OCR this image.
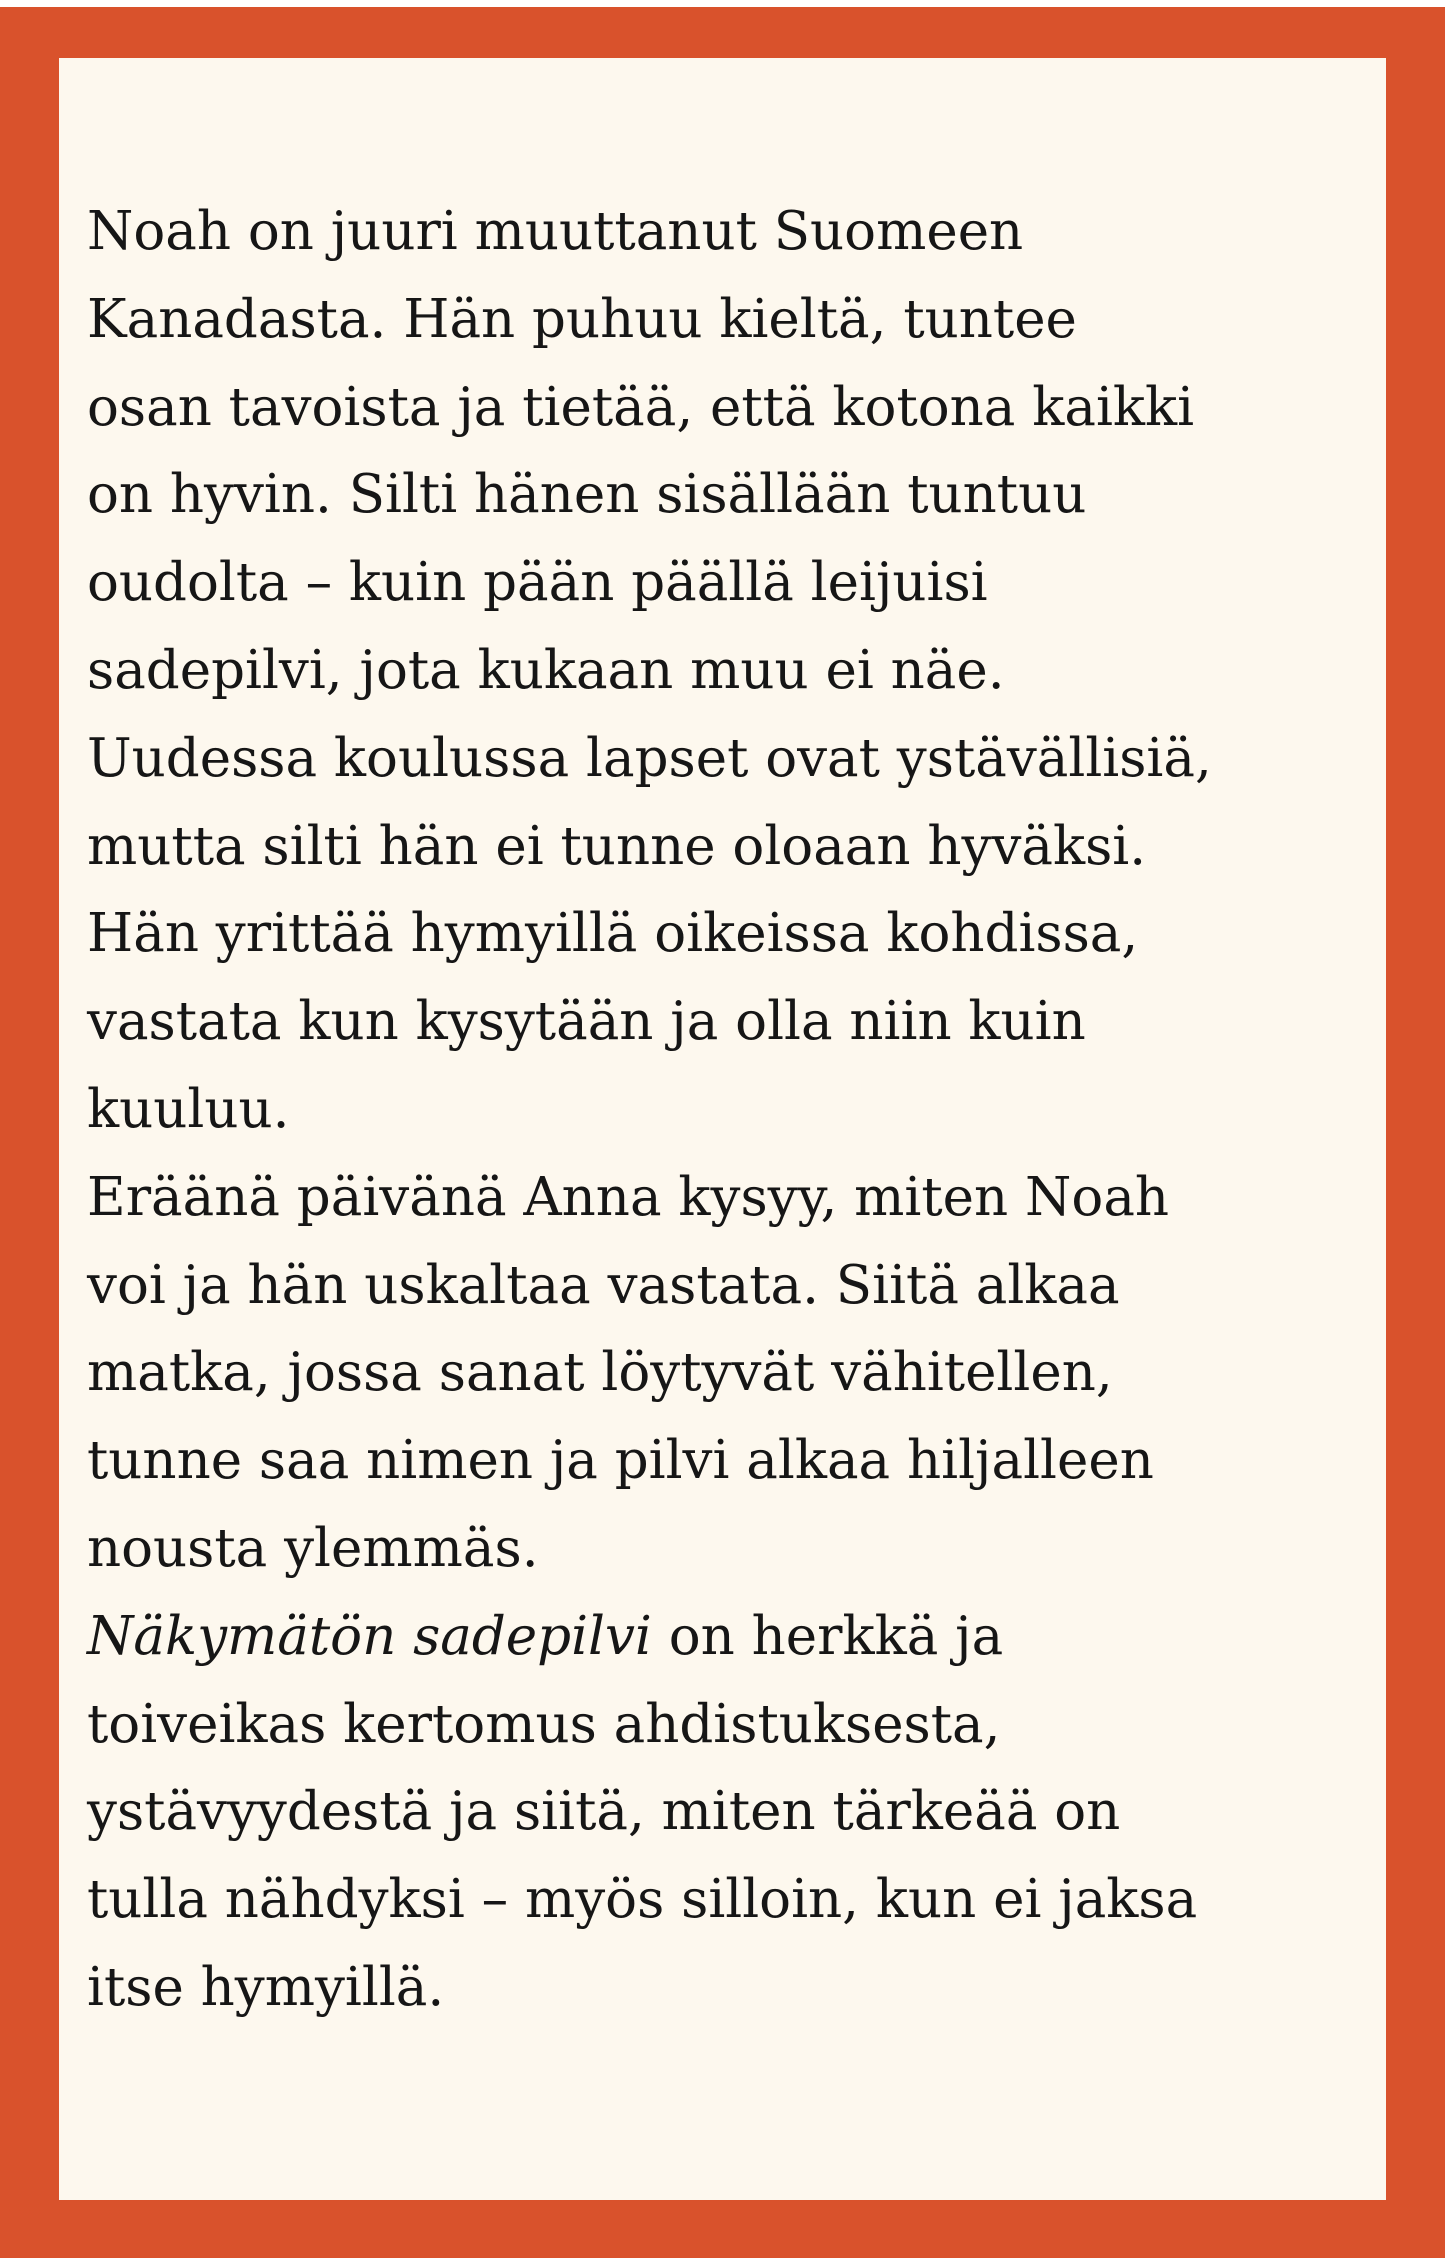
Noah on juuri muuttanut Suomeen
Kanadasta. Hän puhuu kieltä, tuntee
osan tavoista ja tietää, että kotona kaikki
on hyvin. Silti hänen sisällään tuntuu
oudolta – kuin pään päällä leijuisi
sadepilvi, jota kukaan muu ei näe.
Uudessa koulussa lapset ovat ystävällisiä,
mutta silti hän ei tunne oloaan hyväksi.
Hän yrittää hymyillä oikeissa kohdissa,
vastata kun kysytään ja olla niin kuin
kuuluu.

Eräänä päivänä Anna kysyy, miten Noah
voi ja hän uskaltaa vastata. Siitä alkaa
matka, jossa sanat löytyvät vähitellen,
tunne saa nimen ja pilvi alkaa hiljalleen
nousta ylemmäs.

Näkymätön sadepilvi on herkkä ja
toiveikas kertomus ahdistuksesta,
ystävyydestä ja siitä, miten tärkeää on
tulla nähdyksi – myös silloin, kun ei jaksa
itse hymyillä.
